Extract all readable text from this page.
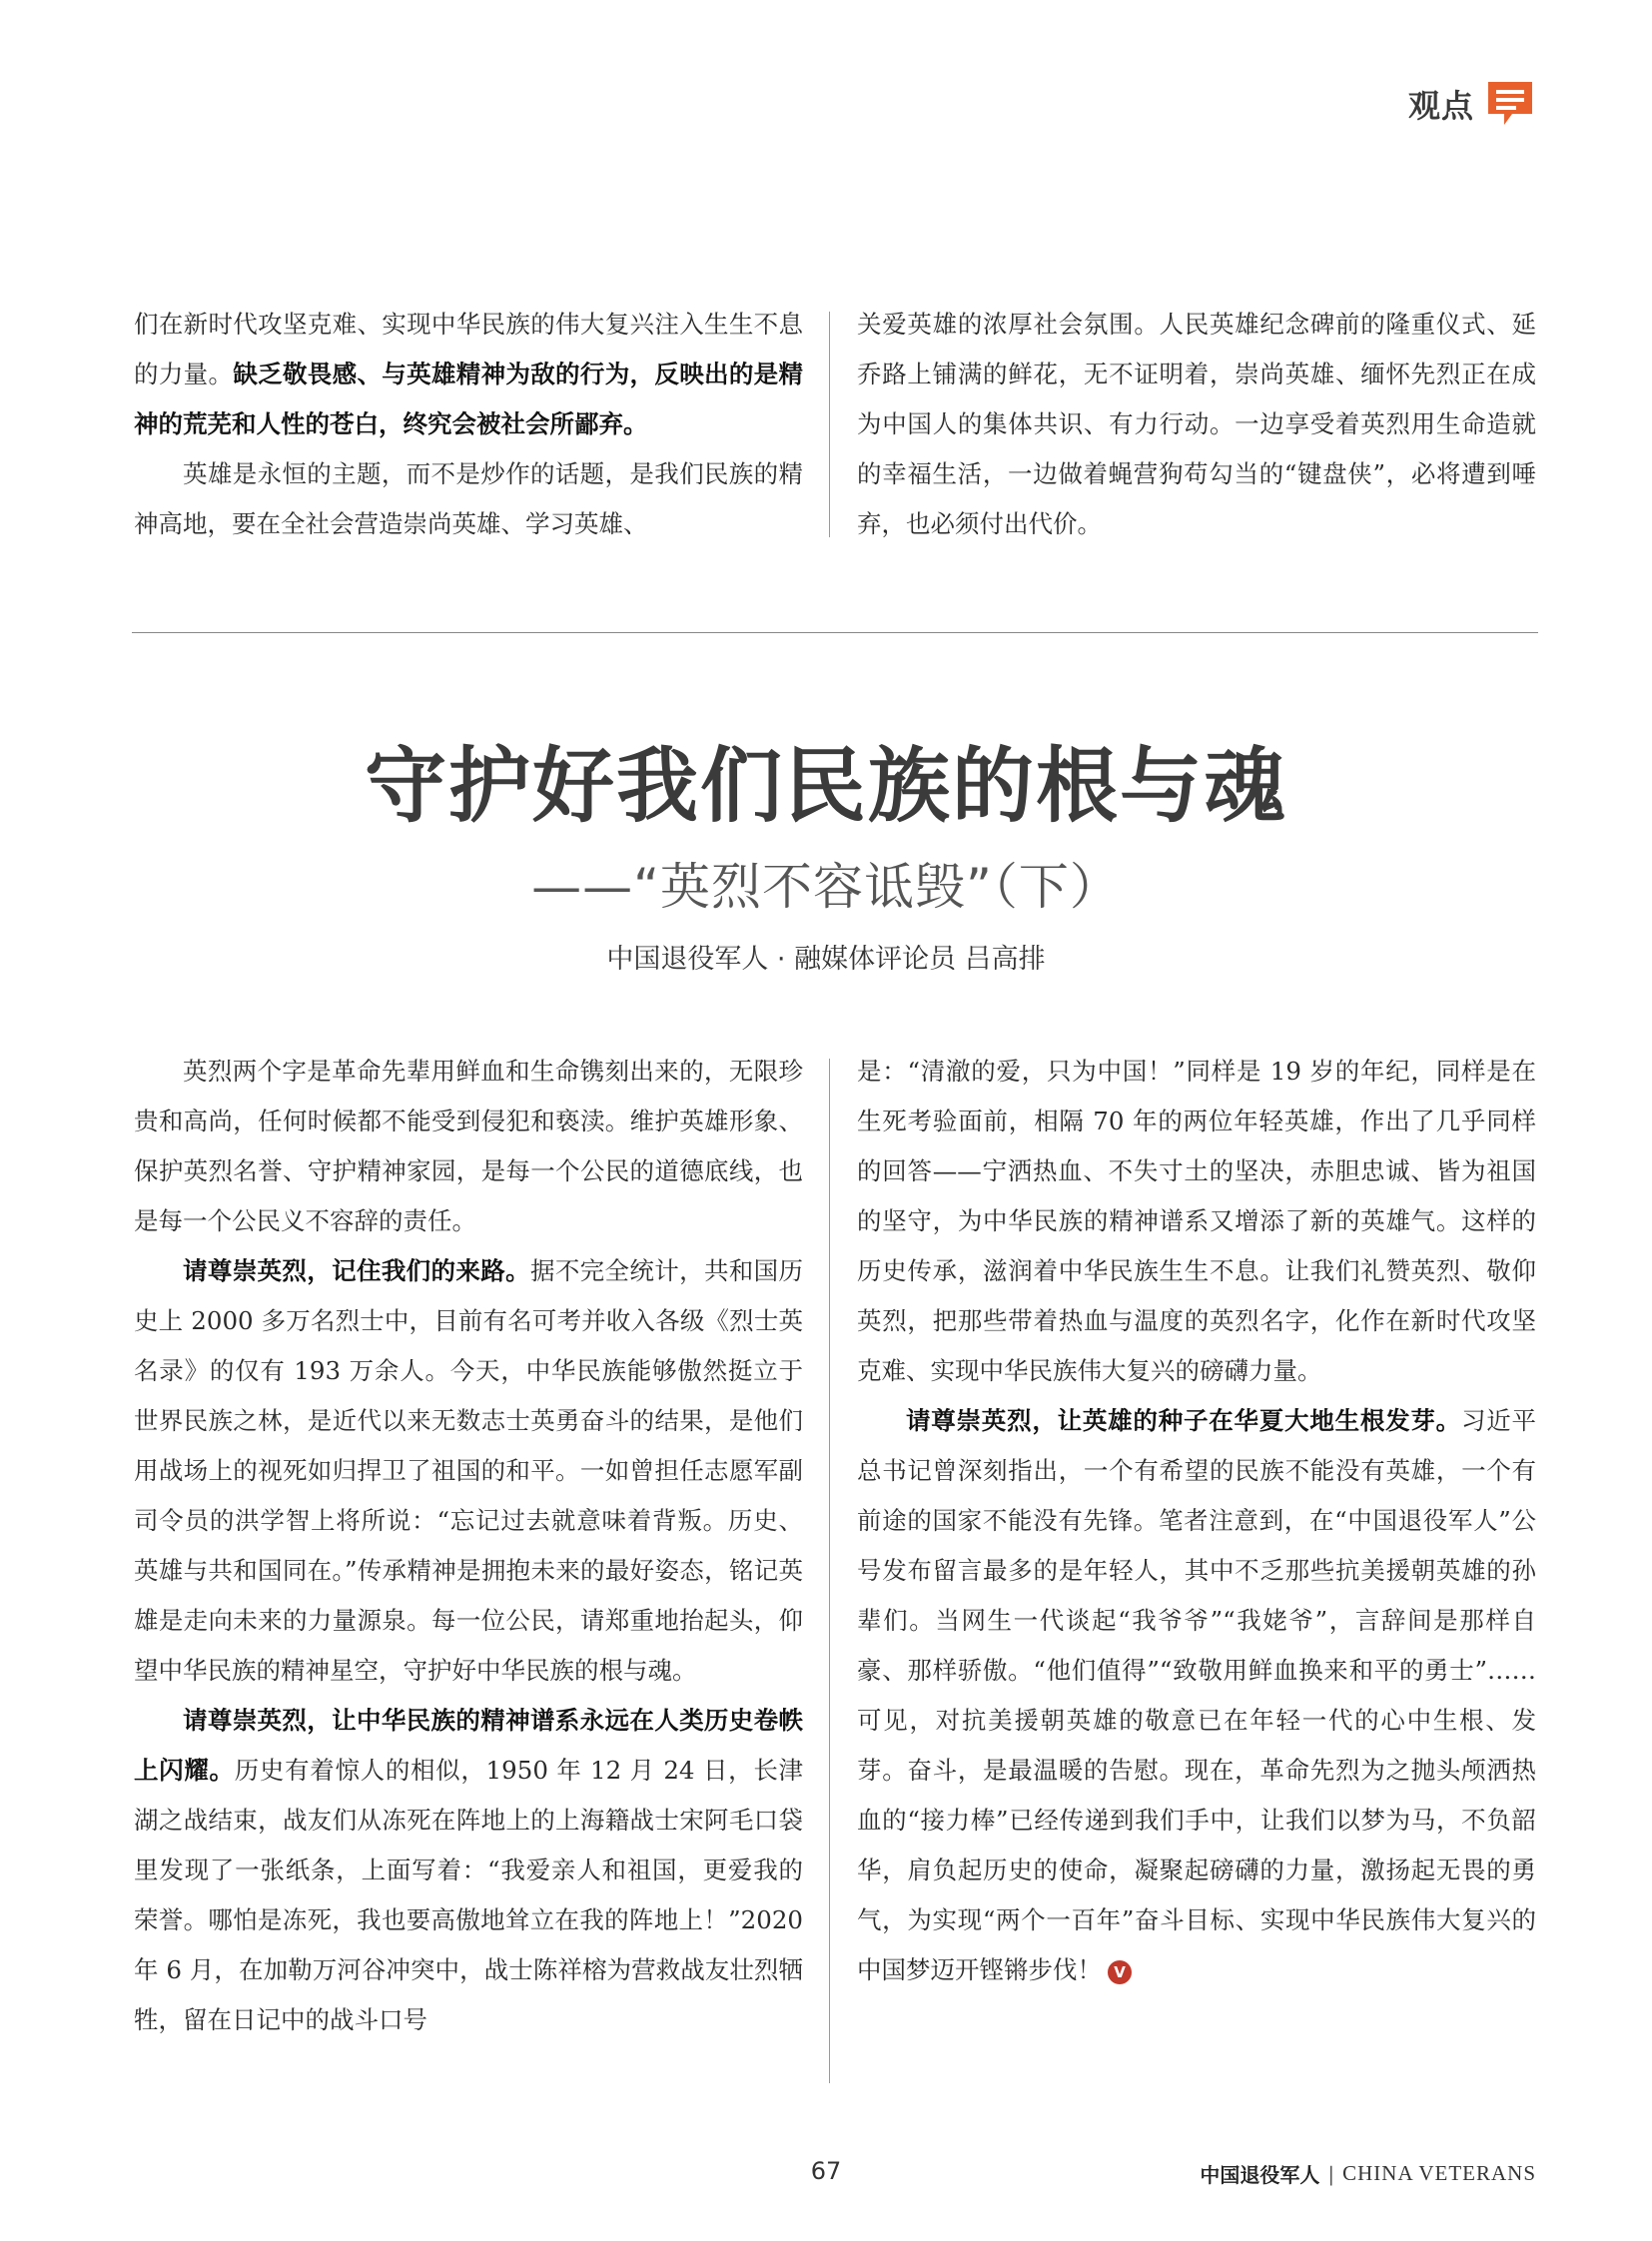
观点

们在新时代攻坚克难、实现中华民族的伟大复兴注入生生不息的力量。缺乏敬畏感、与英雄精神为敌的行为，反映出的是精神的荒芜和人性的苍白，终究会被社会所鄙弃。

英雄是永恒的主题，而不是炒作的话题，是我们民族的精神高地，要在全社会营造崇尚英雄、学习英雄、

关爱英雄的浓厚社会氛围。人民英雄纪念碑前的隆重仪式、延乔路上铺满的鲜花，无不证明着，崇尚英雄、缅怀先烈正在成为中国人的集体共识、有力行动。一边享受着英烈用生命造就的幸福生活，一边做着蝇营狗苟勾当的“键盘侠”，必将遭到唾弃，也必须付出代价。

守护好我们民族的根与魂
——“英烈不容诋毁”（下）
中国退役军人 · 融媒体评论员 吕高排

英烈两个字是革命先辈用鲜血和生命镌刻出来的，无限珍贵和高尚，任何时候都不能受到侵犯和亵渎。维护英雄形象、保护英烈名誉、守护精神家园，是每一个公民的道德底线，也是每一个公民义不容辞的责任。

请尊崇英烈，记住我们的来路。据不完全统计，共和国历史上 2000 多万名烈士中，目前有名可考并收入各级《烈士英名录》的仅有 193 万余人。今天，中华民族能够傲然挺立于世界民族之林，是近代以来无数志士英勇奋斗的结果，是他们用战场上的视死如归捍卫了祖国的和平。一如曾担任志愿军副司令员的洪学智上将所说：“忘记过去就意味着背叛。历史、英雄与共和国同在。”传承精神是拥抱未来的最好姿态，铭记英雄是走向未来的力量源泉。每一位公民，请郑重地抬起头，仰望中华民族的精神星空，守护好中华民族的根与魂。

请尊崇英烈，让中华民族的精神谱系永远在人类历史卷帙上闪耀。历史有着惊人的相似，1950 年 12 月 24 日，长津湖之战结束，战友们从冻死在阵地上的上海籍战士宋阿毛口袋里发现了一张纸条，上面写着：“我爱亲人和祖国，更爱我的荣誉。哪怕是冻死，我也要高傲地耸立在我的阵地上！”2020 年 6 月，在加勒万河谷冲突中，战士陈祥榕为营救战友壮烈牺牲，留在日记中的战斗口号

是：“清澈的爱，只为中国！”同样是 19 岁的年纪，同样是在生死考验面前，相隔 70 年的两位年轻英雄，作出了几乎同样的回答——宁洒热血、不失寸土的坚决，赤胆忠诚、皆为祖国的坚守，为中华民族的精神谱系又增添了新的英雄气。这样的历史传承，滋润着中华民族生生不息。让我们礼赞英烈、敬仰英烈，把那些带着热血与温度的英烈名字，化作在新时代攻坚克难、实现中华民族伟大复兴的磅礴力量。

请尊崇英烈，让英雄的种子在华夏大地生根发芽。习近平总书记曾深刻指出，一个有希望的民族不能没有英雄，一个有前途的国家不能没有先锋。笔者注意到，在“中国退役军人”公号发布留言最多的是年轻人，其中不乏那些抗美援朝英雄的孙辈们。当网生一代谈起“我爷爷”“我姥爷”，言辞间是那样自豪、那样骄傲。“他们值得”“致敬用鲜血换来和平的勇士”……可见，对抗美援朝英雄的敬意已在年轻一代的心中生根、发芽。奋斗，是最温暖的告慰。现在，革命先烈为之抛头颅洒热血的“接力棒”已经传递到我们手中，让我们以梦为马，不负韶华，肩负起历史的使命，凝聚起磅礴的力量，激扬起无畏的勇气，为实现“两个一百年”奋斗目标、实现中华民族伟大复兴的中国梦迈开铿锵步伐！ V

67	中国退役军人 | CHINA VETERANS
